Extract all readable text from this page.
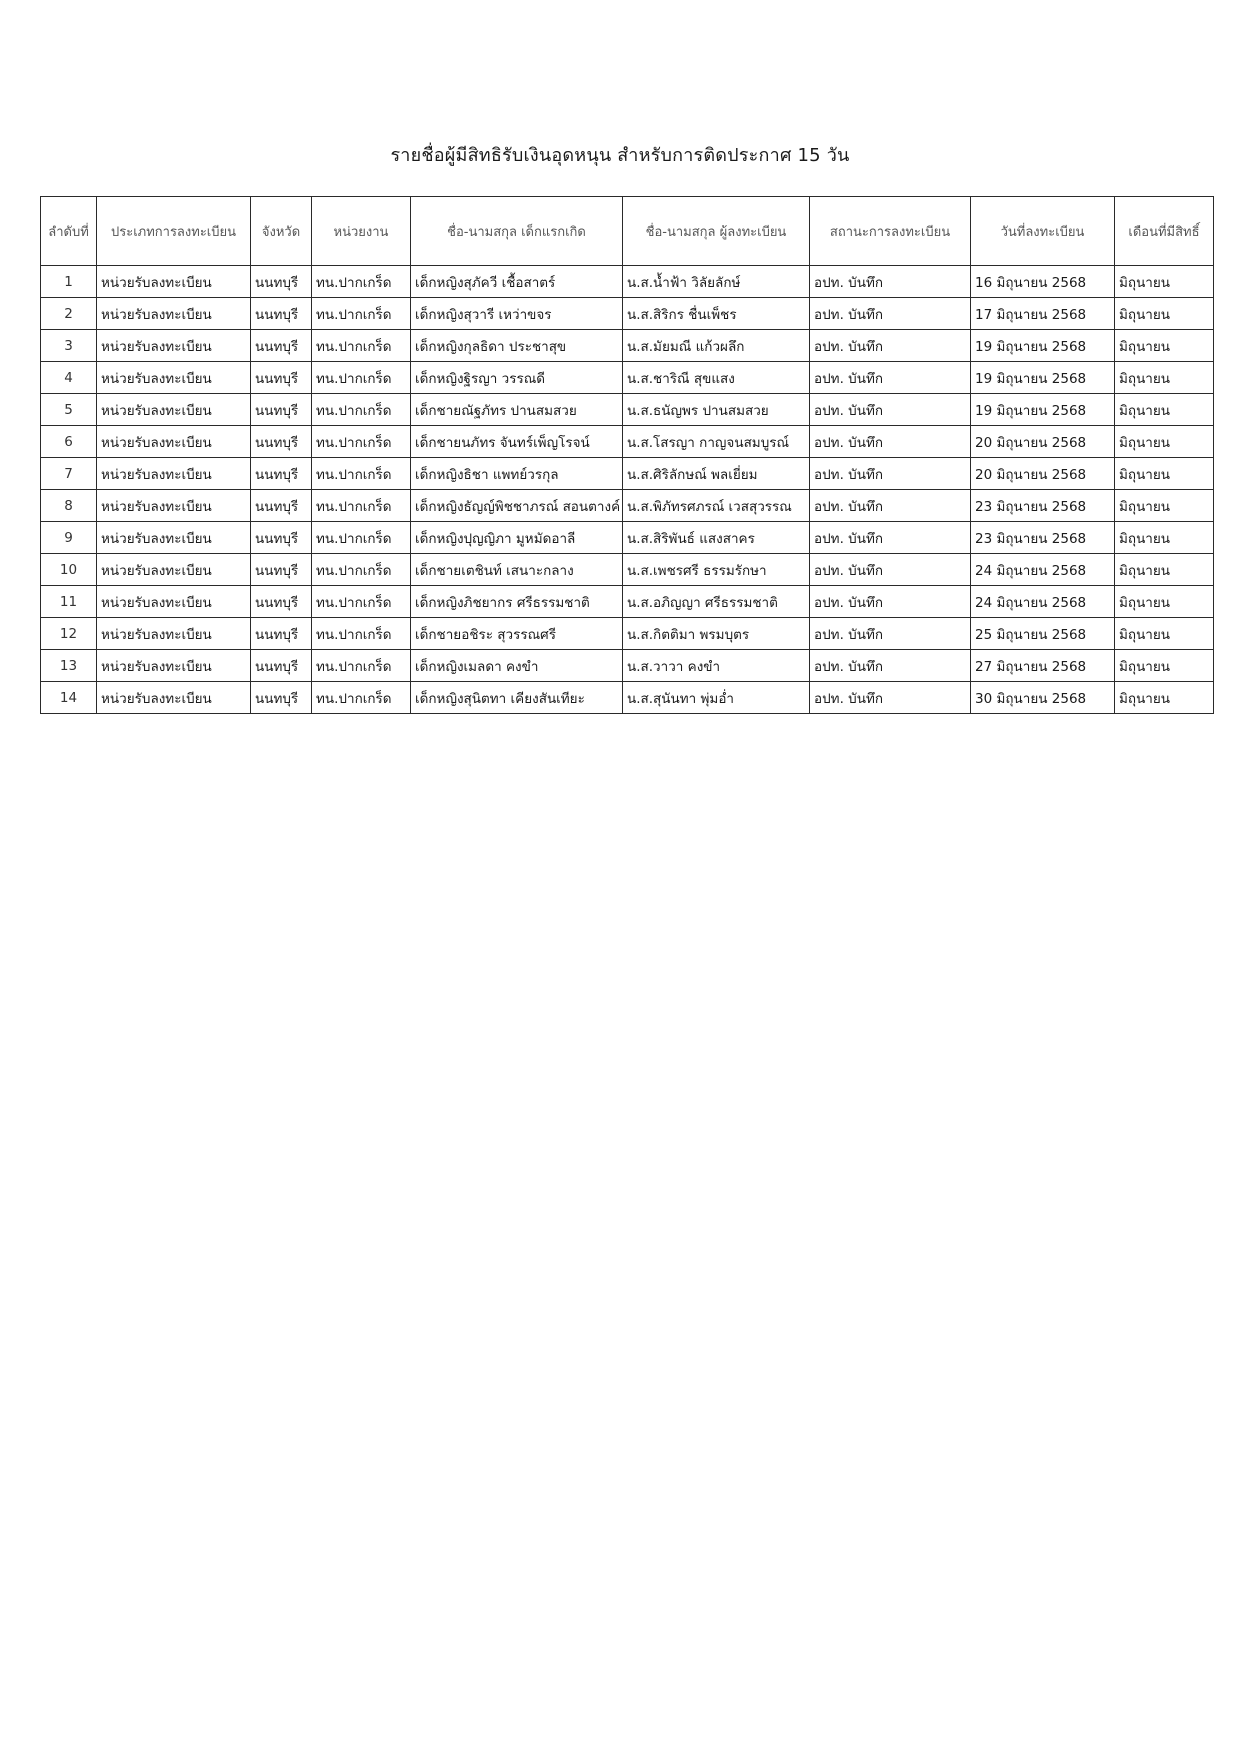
รายชื่อผู้มีสิทธิรับเงินอุดหนุน สำหรับการติดประกาศ 15 วัน
ลำดับที่	ประเภทการลงทะเบียน	จังหวัด	หน่วยงาน	ชื่อ-นามสกุล เด็กแรกเกิด	ชื่อ-นามสกุล ผู้ลงทะเบียน	สถานะการลงทะเบียน	วันที่ลงทะเบียน	เดือนที่มีสิทธิ์
1	หน่วยรับลงทะเบียน	นนทบุรี	ทน.ปากเกร็ด	เด็กหญิงสุภัควี เชื้อสาตร์	น.ส.น้ำฟ้า วิลัยลักษ์	อปท. บันทึก	16 มิถุนายน 2568	มิถุนายน
2	หน่วยรับลงทะเบียน	นนทบุรี	ทน.ปากเกร็ด	เด็กหญิงสุวารี เหว่าขจร	น.ส.สิริกร ชื่นเพ็ชร	อปท. บันทึก	17 มิถุนายน 2568	มิถุนายน
3	หน่วยรับลงทะเบียน	นนทบุรี	ทน.ปากเกร็ด	เด็กหญิงกุลธิดา ประชาสุข	น.ส.มัยมณี แก้วผลึก	อปท. บันทึก	19 มิถุนายน 2568	มิถุนายน
4	หน่วยรับลงทะเบียน	นนทบุรี	ทน.ปากเกร็ด	เด็กหญิงฐิรญา วรรณดี	น.ส.ชาริณี สุขแสง	อปท. บันทึก	19 มิถุนายน 2568	มิถุนายน
5	หน่วยรับลงทะเบียน	นนทบุรี	ทน.ปากเกร็ด	เด็กชายณัฐภัทร ปานสมสวย	น.ส.ธนัญพร ปานสมสวย	อปท. บันทึก	19 มิถุนายน 2568	มิถุนายน
6	หน่วยรับลงทะเบียน	นนทบุรี	ทน.ปากเกร็ด	เด็กชายนภัทร จันทร์เพ็ญโรจน์	น.ส.โสรญา กาญจนสมบูรณ์	อปท. บันทึก	20 มิถุนายน 2568	มิถุนายน
7	หน่วยรับลงทะเบียน	นนทบุรี	ทน.ปากเกร็ด	เด็กหญิงธิชา แพทย์วรกุล	น.ส.ศิริลักษณ์ พลเยี่ยม	อปท. บันทึก	20 มิถุนายน 2568	มิถุนายน
8	หน่วยรับลงทะเบียน	นนทบุรี	ทน.ปากเกร็ด	เด็กหญิงธัญญ์พิชชาภรณ์ สอนตางค์	น.ส.พิภัทรศภรณ์ เวสสุวรรณ	อปท. บันทึก	23 มิถุนายน 2568	มิถุนายน
9	หน่วยรับลงทะเบียน	นนทบุรี	ทน.ปากเกร็ด	เด็กหญิงปุญญิภา มูหมัดอาลี	น.ส.สิริพันธ์ แสงสาคร	อปท. บันทึก	23 มิถุนายน 2568	มิถุนายน
10	หน่วยรับลงทะเบียน	นนทบุรี	ทน.ปากเกร็ด	เด็กชายเตชินท์ เสนาะกลาง	น.ส.เพชรศรี ธรรมรักษา	อปท. บันทึก	24 มิถุนายน 2568	มิถุนายน
11	หน่วยรับลงทะเบียน	นนทบุรี	ทน.ปากเกร็ด	เด็กหญิงภิชยากร ศรีธรรมชาติ	น.ส.อภิญญา ศรีธรรมชาติ	อปท. บันทึก	24 มิถุนายน 2568	มิถุนายน
12	หน่วยรับลงทะเบียน	นนทบุรี	ทน.ปากเกร็ด	เด็กชายอชิระ สุวรรณศรี	น.ส.กิตติมา พรมบุตร	อปท. บันทึก	25 มิถุนายน 2568	มิถุนายน
13	หน่วยรับลงทะเบียน	นนทบุรี	ทน.ปากเกร็ด	เด็กหญิงเมลดา คงขำ	น.ส.วาวา คงขำ	อปท. บันทึก	27 มิถุนายน 2568	มิถุนายน
14	หน่วยรับลงทะเบียน	นนทบุรี	ทน.ปากเกร็ด	เด็กหญิงสุนิตทา เคียงสันเทียะ	น.ส.สุนันทา พุ่มอ่ำ	อปท. บันทึก	30 มิถุนายน 2568	มิถุนายน
